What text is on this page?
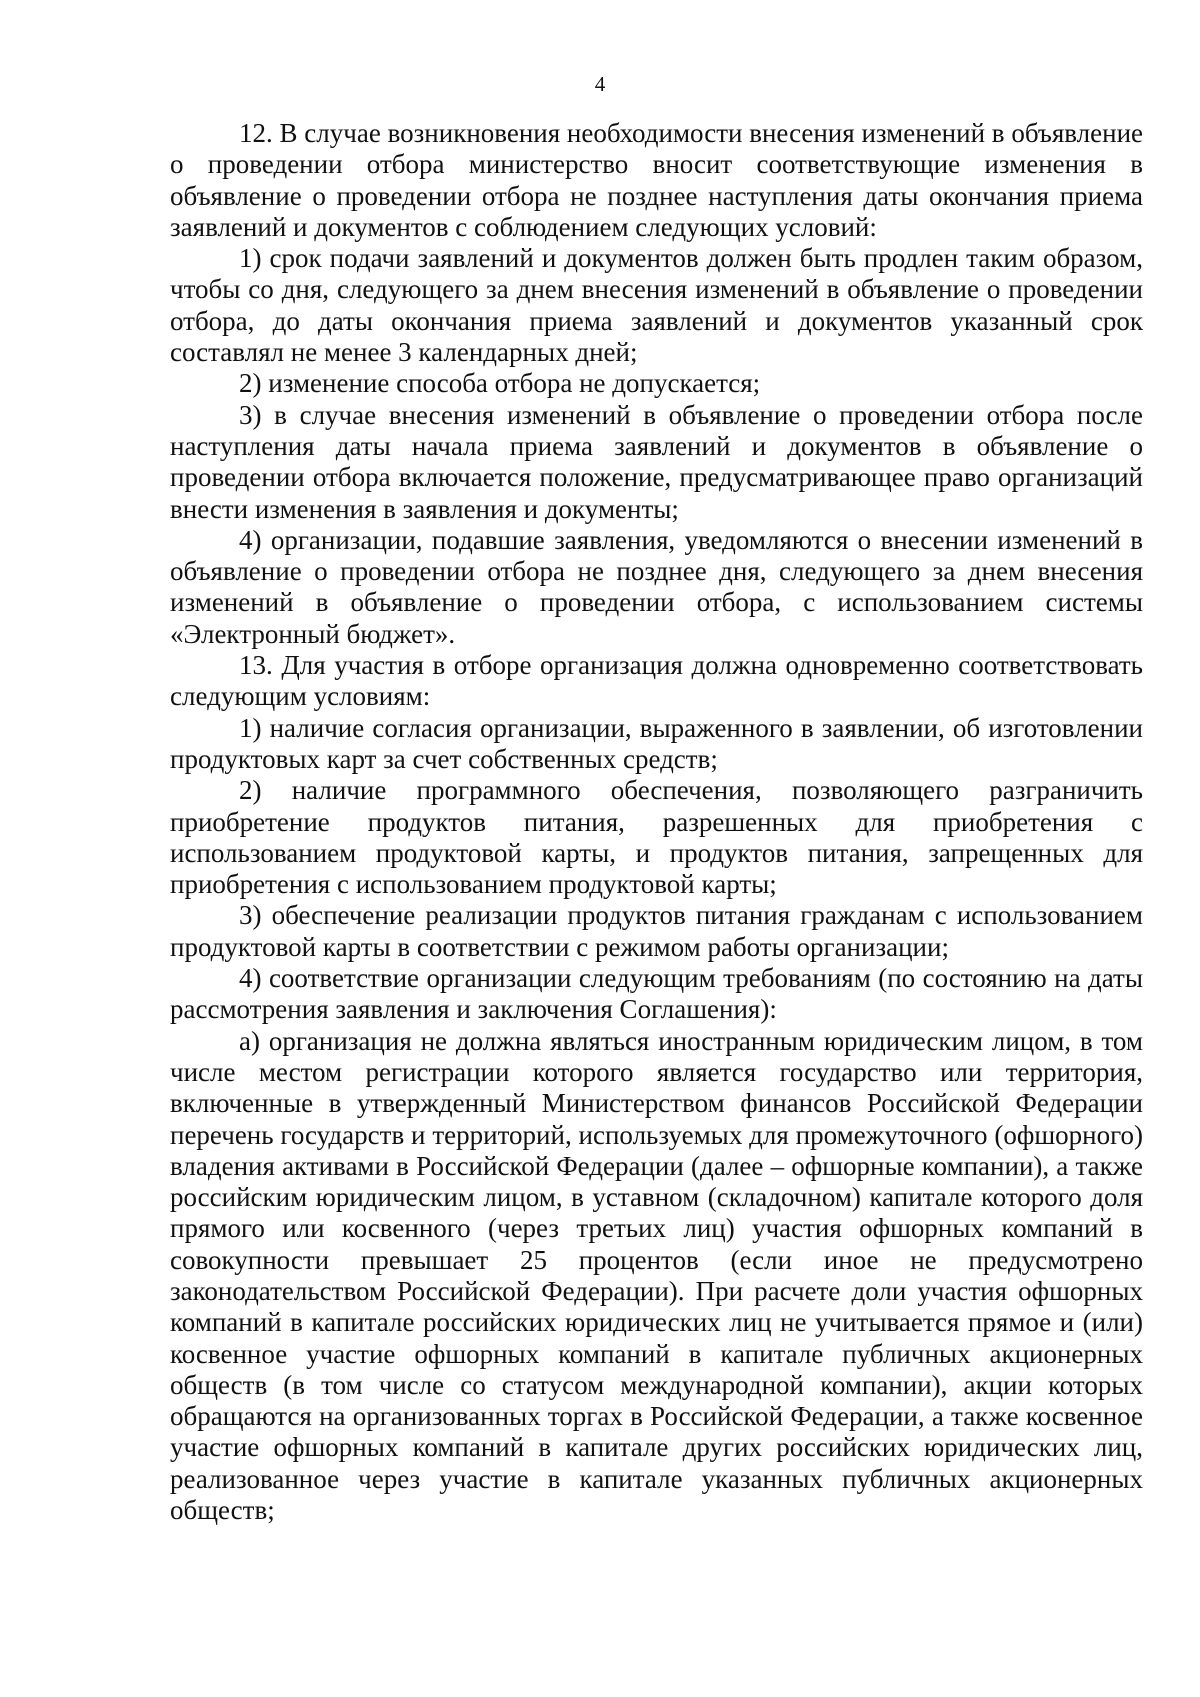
4

12. В случае возникновения необходимости внесения изменений в объявление о проведении отбора министерство вносит соответствующие изменения в объявление о проведении отбора не позднее наступления даты окончания приема заявлений и документов с соблюдением следующих условий:

1) срок подачи заявлений и документов должен быть продлен таким образом, чтобы со дня, следующего за днем внесения изменений в объявление о проведении отбора, до даты окончания приема заявлений и документов указанный срок составлял не менее 3 календарных дней;

2) изменение способа отбора не допускается;

3) в случае внесения изменений в объявление о проведении отбора после наступления даты начала приема заявлений и документов в объявление о проведении отбора включается положение, предусматривающее право организаций внести изменения в заявления и документы;

4) организации, подавшие заявления, уведомляются о внесении изменений в объявление о проведении отбора не позднее дня, следующего за днем внесения изменений в объявление о проведении отбора, с использованием системы «Электронный бюджет».

13. Для участия в отборе организация должна одновременно соответствовать следующим условиям:

1) наличие согласия организации, выраженного в заявлении, об изготовлении продуктовых карт за счет собственных средств;

2) наличие программного обеспечения, позволяющего разграничить приобретение продуктов питания, разрешенных для приобретения с использованием продуктовой карты, и продуктов питания, запрещенных для приобретения с использованием продуктовой карты;

3) обеспечение реализации продуктов питания гражданам с использованием продуктовой карты в соответствии с режимом работы организации;

4) соответствие организации следующим требованиям (по состоянию на даты рассмотрения заявления и заключения Соглашения):

а) организация не должна являться иностранным юридическим лицом, в том числе местом регистрации которого является государство или территория, включенные в утвержденный Министерством финансов Российской Федерации перечень государств и территорий, используемых для промежуточного (офшорного) владения активами в Российской Федерации (далее – офшорные компании), а также российским юридическим лицом, в уставном (складочном) капитале которого доля прямого или косвенного (через третьих лиц) участия офшорных компаний в совокупности превышает 25 процентов (если иное не предусмотрено законодательством Российской Федерации). При расчете доли участия офшорных компаний в капитале российских юридических лиц не учитывается прямое и (или) косвенное участие офшорных компаний в капитале публичных акционерных обществ (в том числе со статусом международной компании), акции которых обращаются на организованных торгах в Российской Федерации, а также косвенное участие офшорных компаний в капитале других российских юридических лиц, реализованное через участие в капитале указанных публичных акционерных обществ;
